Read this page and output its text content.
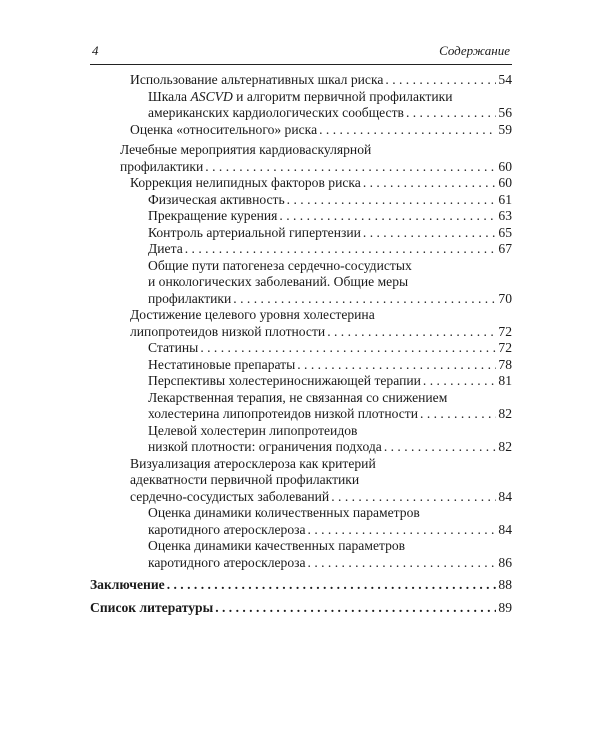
4	Содержание
Использование альтернативных шкал риска . . .	54
Шкала ASCVD и алгоритм первичной профилактики
американских кардиологических сообществ . . .	56
Оценка «относительного» риска . . .	59
Лечебные мероприятия кардиоваскулярной
профилактики . . .	60
Коррекция нелипидных факторов риска . . .	60
Физическая активность . . .	61
Прекращение курения . . .	63
Контроль артериальной гипертензии . . .	65
Диета . . .	67
Общие пути патогенеза сердечно-сосудистых
и онкологических заболеваний. Общие меры
профилактики . . .	70
Достижение целевого уровня холестерина
липопротеидов низкой плотности . . .	72
Статины . . .	72
Нестатиновые препараты . . .	78
Перспективы холестериноснижающей терапии . . .	81
Лекарственная терапия, не связанная со снижением
холестерина липопротеидов низкой плотности . . .	82
Целевой холестерин липопротеидов
низкой плотности: ограничения подхода . . .	82
Визуализация атеросклероза как критерий
адекватности первичной профилактики
сердечно-сосудистых заболеваний . . .	84
Оценка динамики количественных параметров
каротидного атеросклероза . . .	84
Оценка динамики качественных параметров
каротидного атеросклероза . . .	86
Заключение . . .	88
Список литературы . . .	89
